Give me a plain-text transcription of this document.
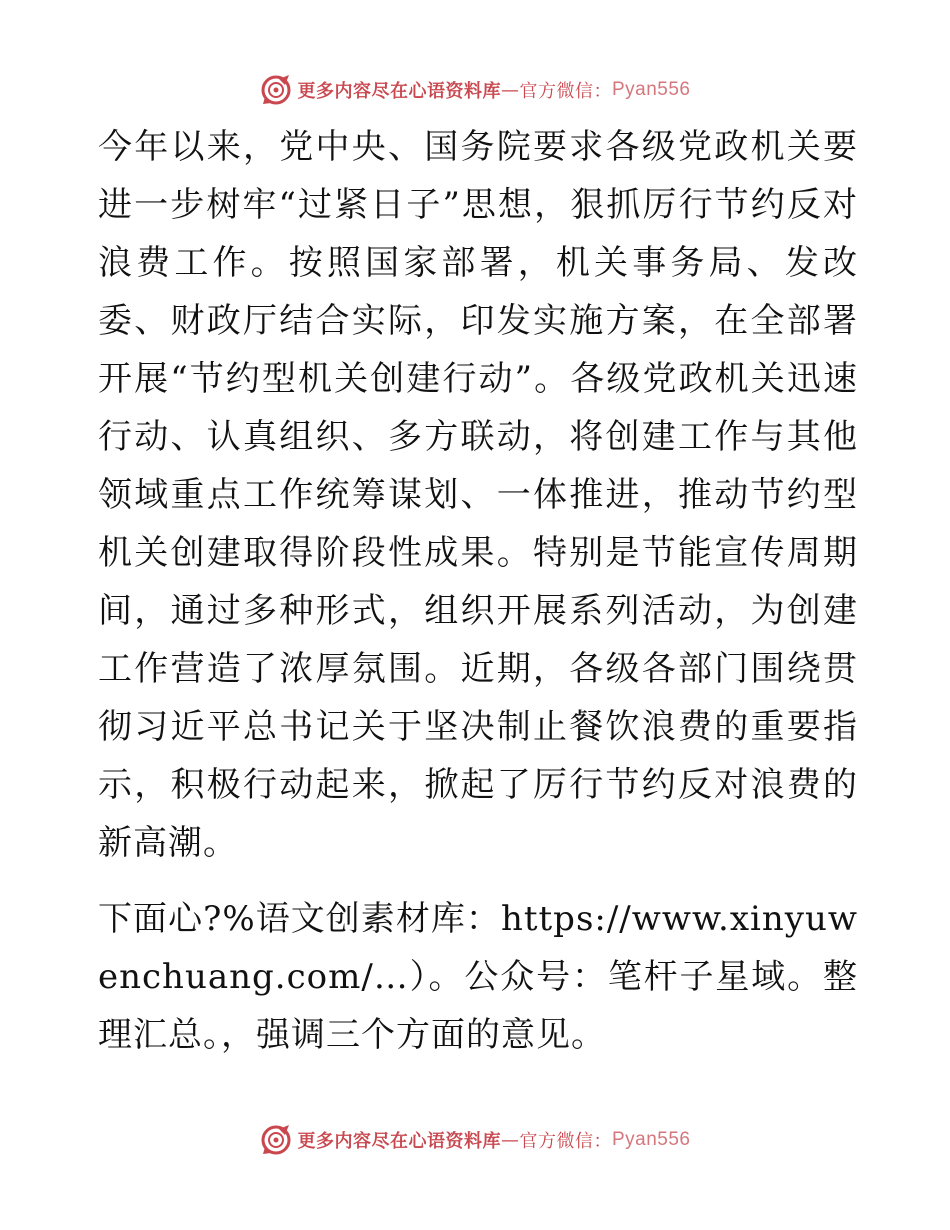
更多内容尽在心语资料库 — 官方微信： Pyan556

今年以来，党中央、国务院要求各级党政机关要进一步树牢“过紧日子”思想，狠抓厉行节约反对浪费工作。按照国家部署，机关事务局、发改委、财政厅结合实际，印发实施方案，在全部署开展“节约型机关创建行动”。各级党政机关迅速行动、认真组织、多方联动，将创建工作与其他领域重点工作统筹谋划、一体推进，推动节约型机关创建取得阶段性成果。特别是节能宣传周期间，通过多种形式，组织开展系列活动，为创建工作营造了浓厚氛围。近期，各级各部门围绕贯彻习近平总书记关于坚决制止餐饮浪费的重要指示，积极行动起来，掀起了厉行节约反对浪费的新高潮。

下面心?%语文创素材库：https://www.xinyuwenchuang.com/…）。公众号：笔杆子星域。整理汇总。，强调三个方面的意见。

更多内容尽在心语资料库 — 官方微信： Pyan556
